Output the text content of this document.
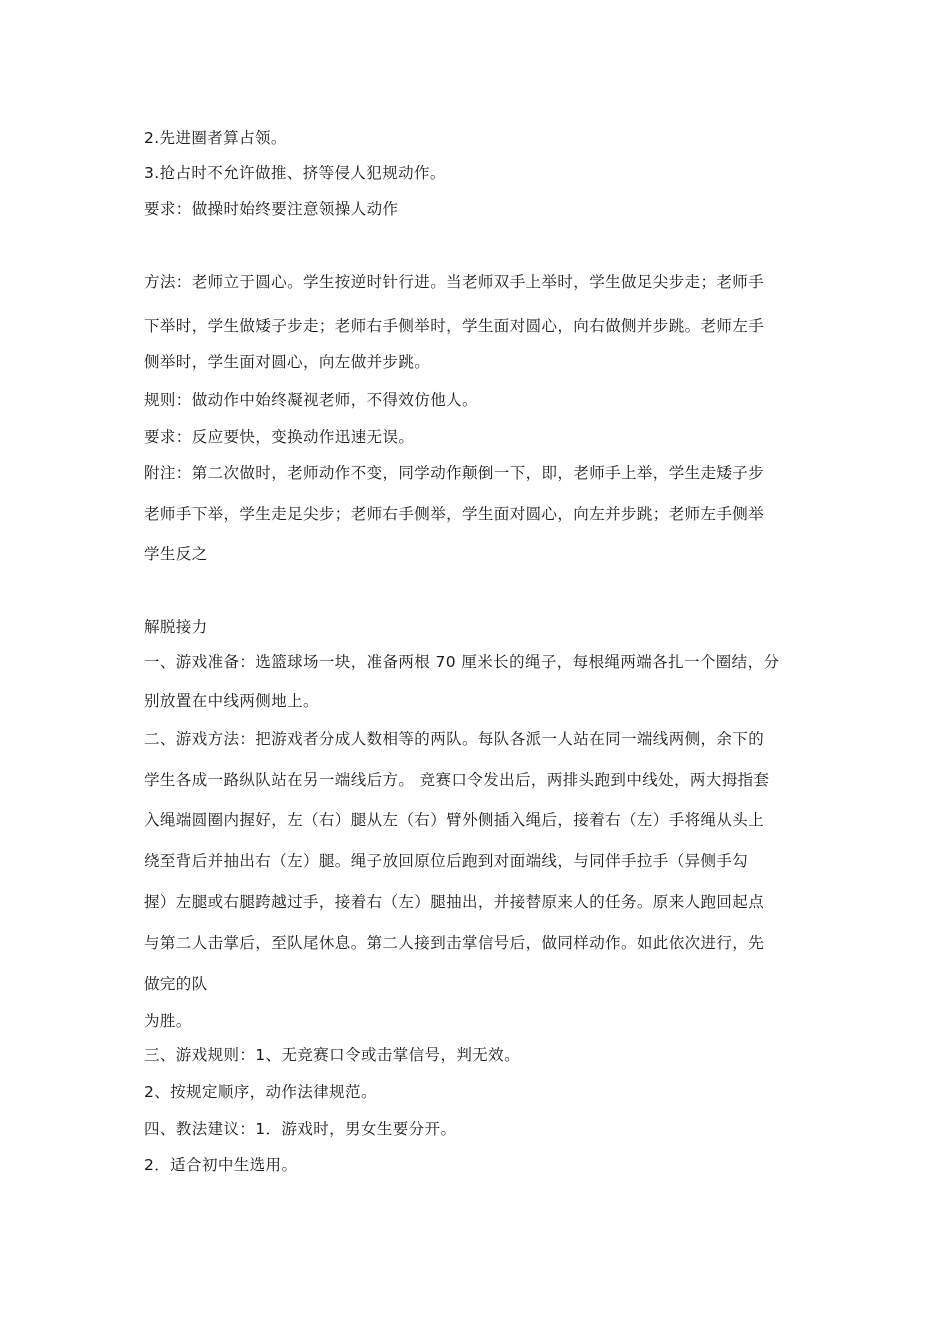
2.先进圈者算占领。
3.抢占时不允许做推、挤等侵人犯规动作。
要求：做操时始终要注意领操人动作
方法：老师立于圆心。学生按逆时针行进。当老师双手上举时，学生做足尖步走；老师手
下举时，学生做矮子步走；老师右手侧举时，学生面对圆心，向右做侧并步跳。老师左手
侧举时，学生面对圆心，向左做并步跳。
规则：做动作中始终凝视老师，不得效仿他人。
要求：反应要快，变换动作迅速无误。
附注：第二次做时，老师动作不变，同学动作颠倒一下，即，老师手上举，学生走矮子步
老师手下举，学生走足尖步；老师右手侧举，学生面对圆心，向左并步跳；老师左手侧举
学生反之
解脱接力
一、游戏准备：选篮球场一块，准备两根 70 厘米长的绳子，每根绳两端各扎一个圈结，分
别放置在中线两侧地上。
二、游戏方法：把游戏者分成人数相等的两队。每队各派一人站在同一端线两侧，余下的
学生各成一路纵队站在另一端线后方。 竞赛口令发出后，两排头跑到中线处，两大拇指套
入绳端圆圈内握好，左（右）腿从左（右）臂外侧插入绳后，接着右（左）手将绳从头上
绕至背后并抽出右（左）腿。绳子放回原位后跑到对面端线，与同伴手拉手（异侧手勾
握）左腿或右腿跨越过手，接着右（左）腿抽出，并接替原来人的任务。原来人跑回起点
与第二人击掌后，至队尾休息。第二人接到击掌信号后，做同样动作。如此依次进行，先
做完的队
为胜。
三、游戏规则：1、无竞赛口令或击掌信号，判无效。
2、按规定顺序，动作法律规范。
四、教法建议：1．游戏时，男女生要分开。
2．适合初中生选用。
